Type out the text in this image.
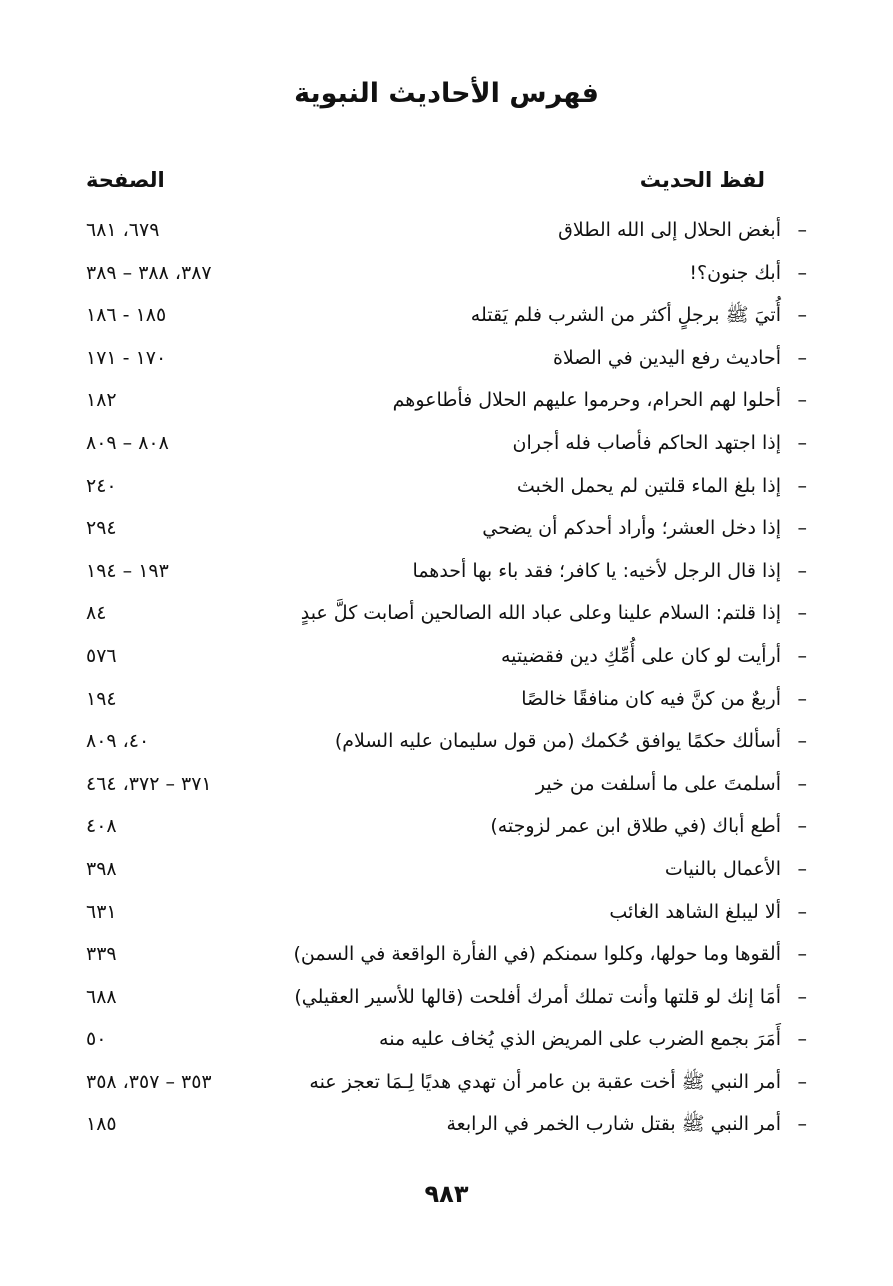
فهرس الأحاديث النبوية
لفظ الحديث
الصفحة
–
أبغض الحلال إلى الله الطلاق
٦٧٩، ٦٨١
–
أبك جنون؟!
٣٨٧، ٣٨٨ – ٣٨٩
–
أُتيَ ﷺ برجلٍ أكثر من الشرب فلم يَقتله
١٨٥ - ١٨٦
–
أحاديث رفع اليدين في الصلاة
١٧٠ - ١٧١
–
أحلوا لهم الحرام، وحرموا عليهم الحلال فأطاعوهم
١٨٢
–
إذا اجتهد الحاكم فأصاب فله أجران
٨٠٨ – ٨٠٩
–
إذا بلغ الماء قلتين لم يحمل الخبث
٢٤٠
–
إذا دخل العشر؛ وأراد أحدكم أن يضحي
٢٩٤
–
إذا قال الرجل لأخيه: يا كافر؛ فقد باء بها أحدهما
١٩٣ – ١٩٤
–
إذا قلتم: السلام علينا وعلى عباد الله الصالحين أصابت كلَّ عبدٍ
٨٤
–
أرأيت لو كان على أُمِّكِ دين فقضيتيه
٥٧٦
–
أربعٌ من كنَّ فيه كان منافقًا خالصًا
١٩٤
–
أسألك حكمًا يوافق حُكمك (من قول سليمان عليه السلام)
٤٠، ٨٠٩
–
أسلمتَ على ما أسلفت من خير
٣٧١ – ٣٧٢، ٤٦٤
–
أطع أباك (في طلاق ابن عمر لزوجته)
٤٠٨
–
الأعمال بالنيات
٣٩٨
–
ألا ليبلغ الشاهد الغائب
٦٣١
–
ألقوها وما حولها، وكلوا سمنكم (في الفأرة الواقعة في السمن)
٣٣٩
–
أمَا إنك لو قلتها وأنت تملك أمرك أفلحت (قالها للأسير العقيلي)
٦٨٨
–
أَمَرَ بجمع الضرب على المريض الذي يُخاف عليه منه
٥٠
–
أمر النبي ﷺ أخت عقبة بن عامر أن تهدي هديًا لِـمَا تعجز عنه
٣٥٣ – ٣٥٧، ٣٥٨
–
أمر النبي ﷺ بقتل شارب الخمر في الرابعة
١٨٥
٩٨٣
